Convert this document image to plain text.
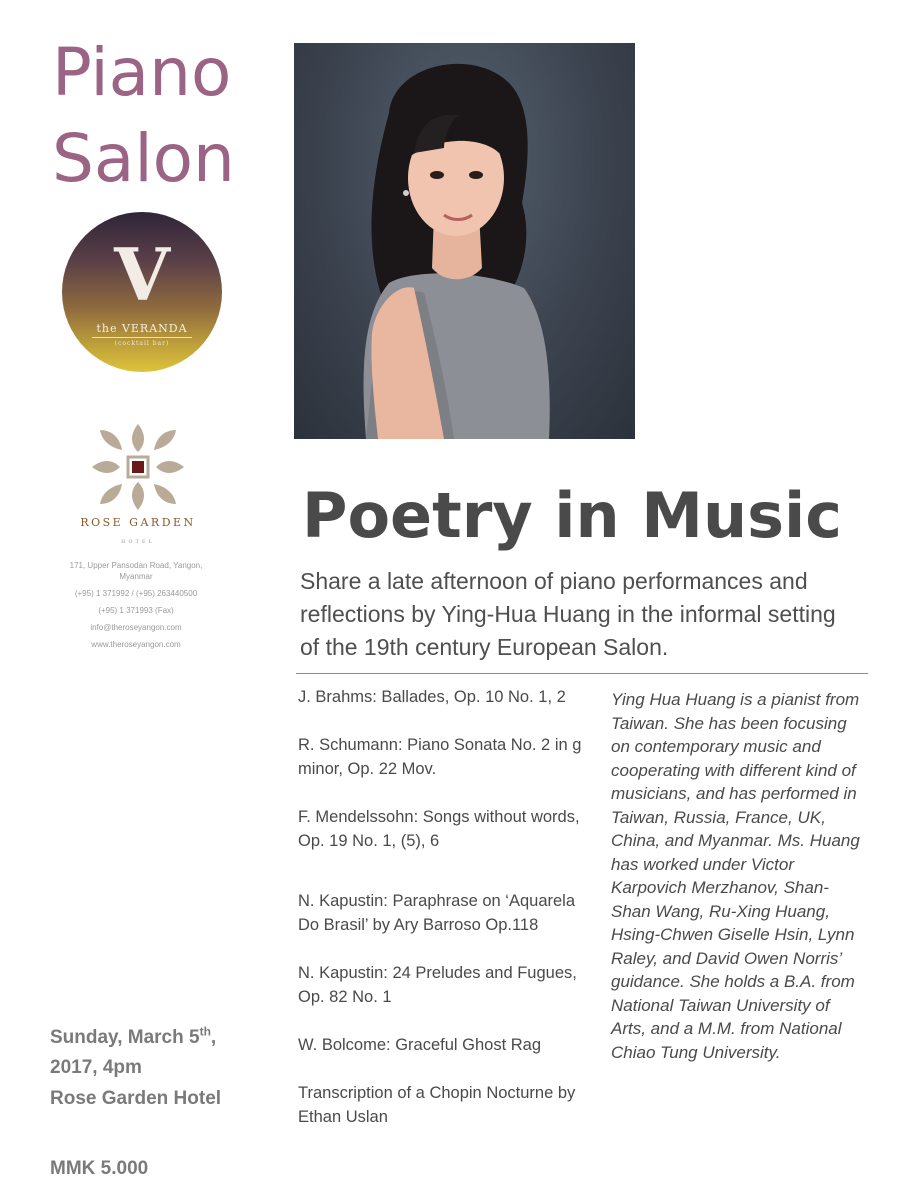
Piano
Salon
V
the VERANDA
(cocktail bar)
ROSE GARDEN
HOTEL
171, Upper Pansodan Road, Yangon, Myanmar
(+95) 1 371992 / (+95) 263440500
(+95) 1 371993 (Fax)
info@theroseyangon.com
www.theroseyangon.com
Sunday, March 5th,
2017, 4pm
Rose Garden Hotel
MMK 5.000
Poetry in Music
Share a late afternoon of piano performances and reflections by Ying-Hua Huang in the informal setting of the 19th century European Salon.
J. Brahms: Ballades, Op. 10 No. 1, 2
R. Schumann: Piano Sonata No. 2 in g minor, Op. 22 Mov.
F. Mendelssohn: Songs without words, Op. 19 No. 1, (5), 6
N. Kapustin: Paraphrase on ‘Aquarela Do Brasil’ by Ary Barroso Op.118
N. Kapustin: 24 Preludes and Fugues, Op. 82 No. 1
W. Bolcome: Graceful Ghost Rag
Transcription of a Chopin Nocturne by Ethan Uslan
Ying Hua Huang is a pianist from Taiwan. She has been focusing on contemporary music and cooperating with different kind of musicians, and has performed in Taiwan, Russia, France, UK, China, and Myanmar. Ms. Huang has worked under Victor Karpovich Merzhanov, Shan-Shan Wang, Ru-Xing Huang, Hsing-Chwen Giselle Hsin, Lynn Raley, and David Owen Norris’ guidance. She holds a B.A. from National Taiwan University of Arts, and a M.M. from National Chiao Tung University.
